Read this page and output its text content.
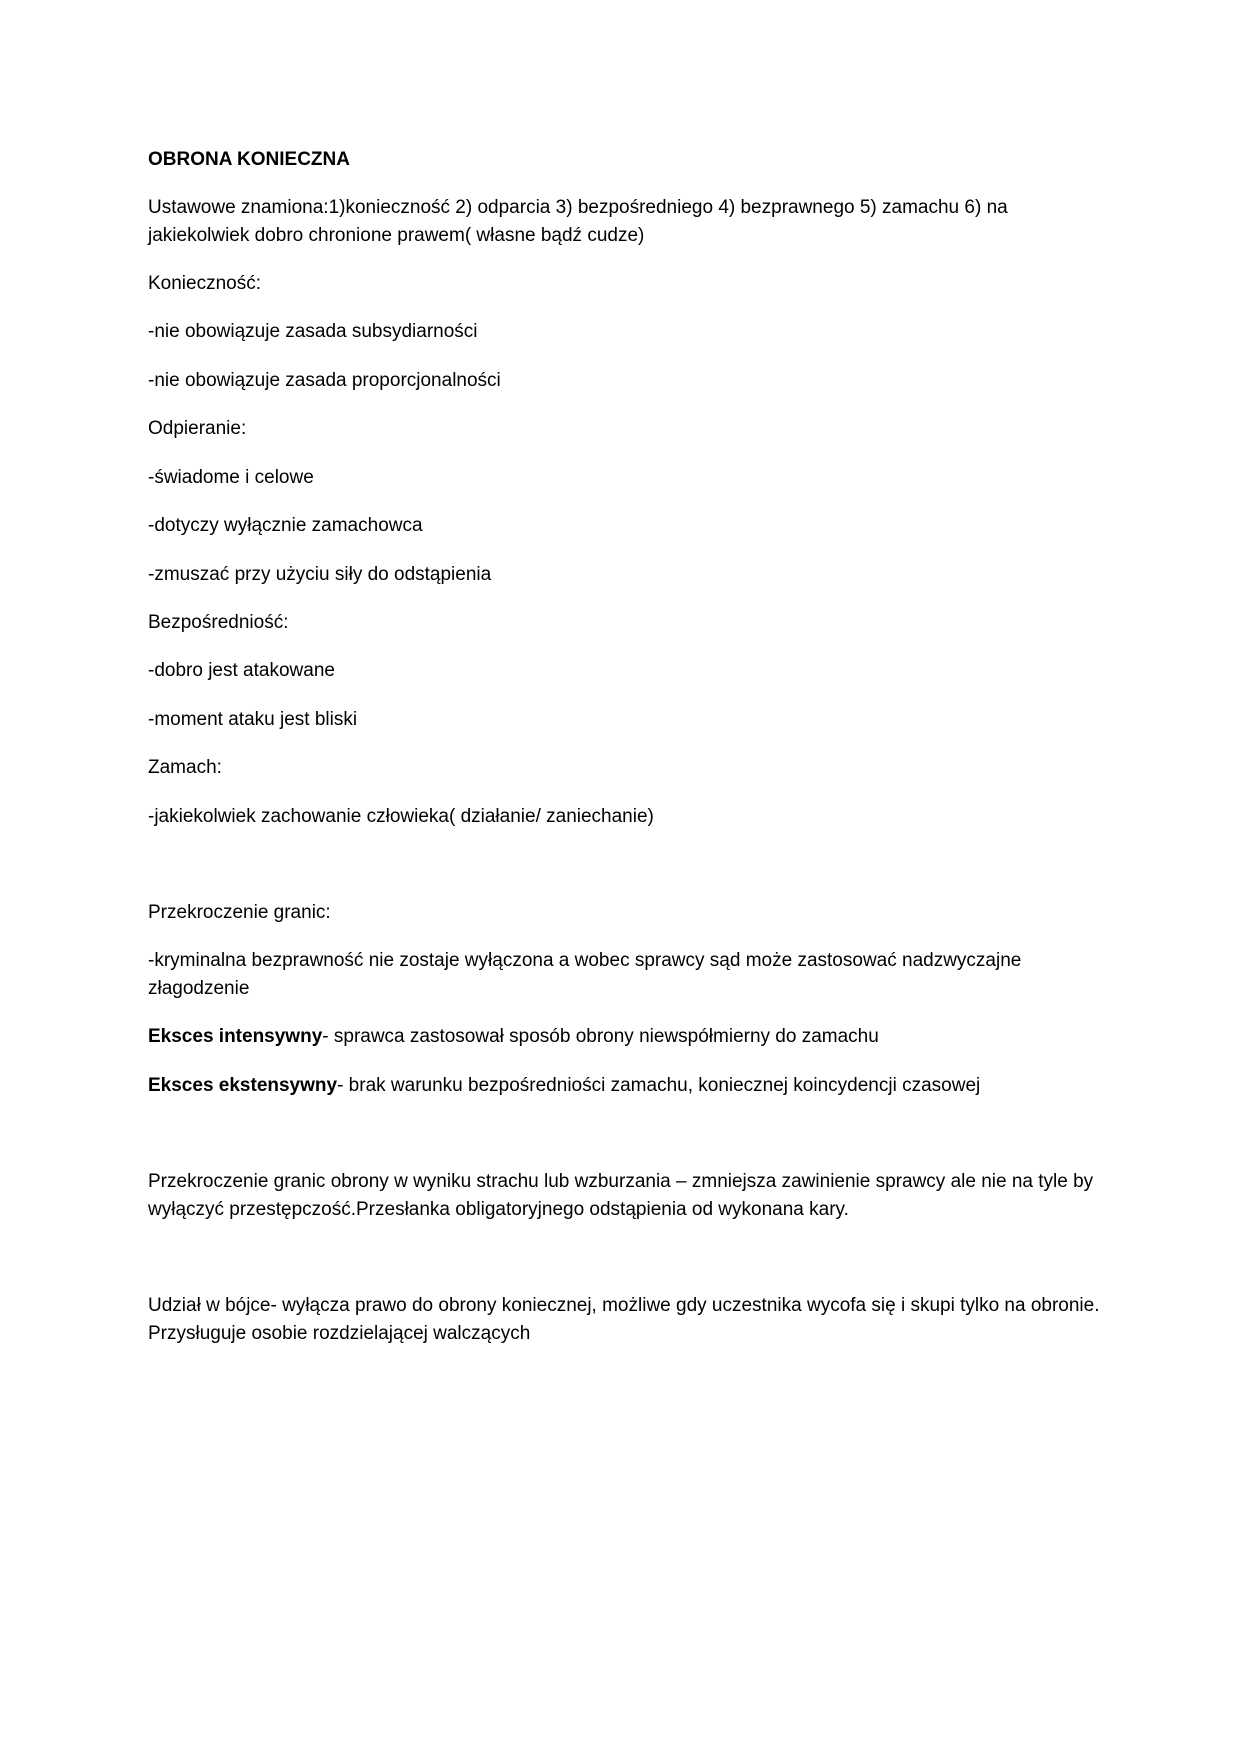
OBRONA KONIECZNA

Ustawowe znamiona:1)konieczność 2) odparcia 3) bezpośredniego 4) bezprawnego 5) zamachu 6) na jakiekolwiek dobro chronione prawem( własne bądź cudze)

Konieczność:

-nie obowiązuje zasada subsydiarności

-nie obowiązuje zasada proporcjonalności

Odpieranie:

-świadome i celowe

-dotyczy wyłącznie zamachowca

-zmuszać przy użyciu siły do odstąpienia

Bezpośredniość:

-dobro jest atakowane

-moment ataku jest bliski

Zamach:

-jakiekolwiek zachowanie człowieka( działanie/ zaniechanie)

Przekroczenie granic:

-kryminalna bezprawność nie zostaje wyłączona a wobec sprawcy sąd może zastosować nadzwyczajne złagodzenie

Eksces intensywny- sprawca zastosował sposób obrony niewspółmierny do zamachu

Eksces ekstensywny- brak warunku bezpośredniości zamachu, koniecznej koincydencji czasowej

Przekroczenie granic obrony w wyniku strachu lub wzburzania – zmniejsza zawinienie sprawcy ale nie na tyle by wyłączyć przestępczość.Przesłanka obligatoryjnego odstąpienia od wykonana kary.

Udział w bójce- wyłącza prawo do obrony koniecznej, możliwe gdy uczestnika wycofa się i skupi tylko na obronie. Przysługuje osobie rozdzielającej walczących
